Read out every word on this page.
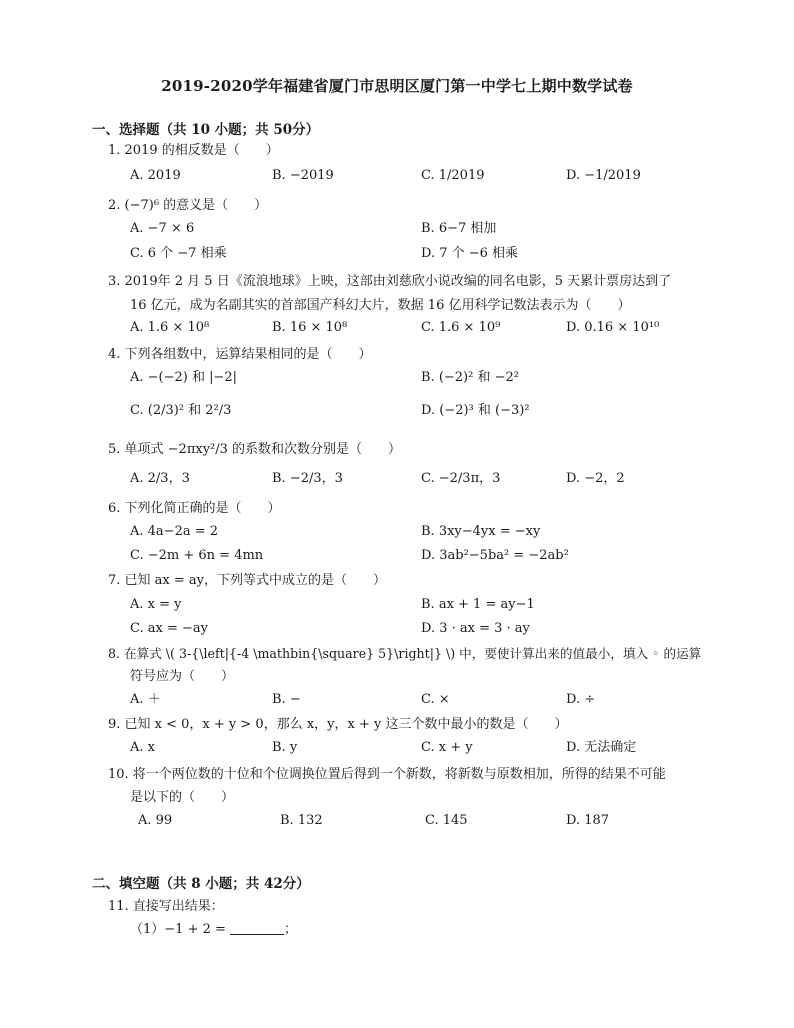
2019-2020学年福建省厦门市思明区厦门第一中学七上期中数学试卷
一、选择题（共 10 小题；共 50分）
1. 2019 的相反数是（　　）
A. 2019	B. −2019	C. 1/2019	D. −1/2019
2. (−7)⁶ 的意义是（　　）
A. −7 × 6	B. 6−7 相加
C. 6 个 −7 相乘	D. 7 个 −6 相乘
3. 2019年 2 月 5 日《流浪地球》上映，这部由刘慈欣小说改编的同名电影，5 天累计票房达到了
16 亿元，成为名副其实的首部国产科幻大片，数据 16 亿用科学记数法表示为（　　）
A. 1.6 × 10⁸	B. 16 × 10⁸	C. 1.6 × 10⁹	D. 0.16 × 10¹⁰
4. 下列各组数中，运算结果相同的是（　　）
A. −(−2) 和 |−2|	B. (−2)² 和 −2²
C. (2/3)² 和 2²/3	D. (−2)³ 和 (−3)²
5. 单项式 −2πxy²/3 的系数和次数分别是（　　）
A. 2/3，3	B. −2/3，3	C. −2/3π，3	D. −2，2
6. 下列化简正确的是（　　）
A. 4a−2a = 2	B. 3xy−4yx = −xy
C. −2m + 6n = 4mn	D. 3ab²−5ba² = −2ab²
7. 已知 ax = ay，下列等式中成立的是（　　）
A. x = y	B. ax + 1 = ay−1
C. ax = −ay	D. 3 · ax = 3 · ay
8. 在算式 \( 3-{\left|{-4 \mathbin{\square} 5}\right|} \) 中，要使计算出来的值最小，填入 ◦ 的运算
符号应为（　　）
A. ＋	B. −	C. ×	D. ÷
9. 已知 x < 0，x + y > 0，那么 x，y，x + y 这三个数中最小的数是（　　）
A. x	B. y	C. x + y	D. 无法确定
10. 将一个两位数的十位和个位调换位置后得到一个新数，将新数与原数相加，所得的结果不可能
是以下的（　　）
A. 99	B. 132	C. 145	D. 187
二、填空题（共 8 小题；共 42分）
11. 直接写出结果：
（1）−1 + 2 =	；
